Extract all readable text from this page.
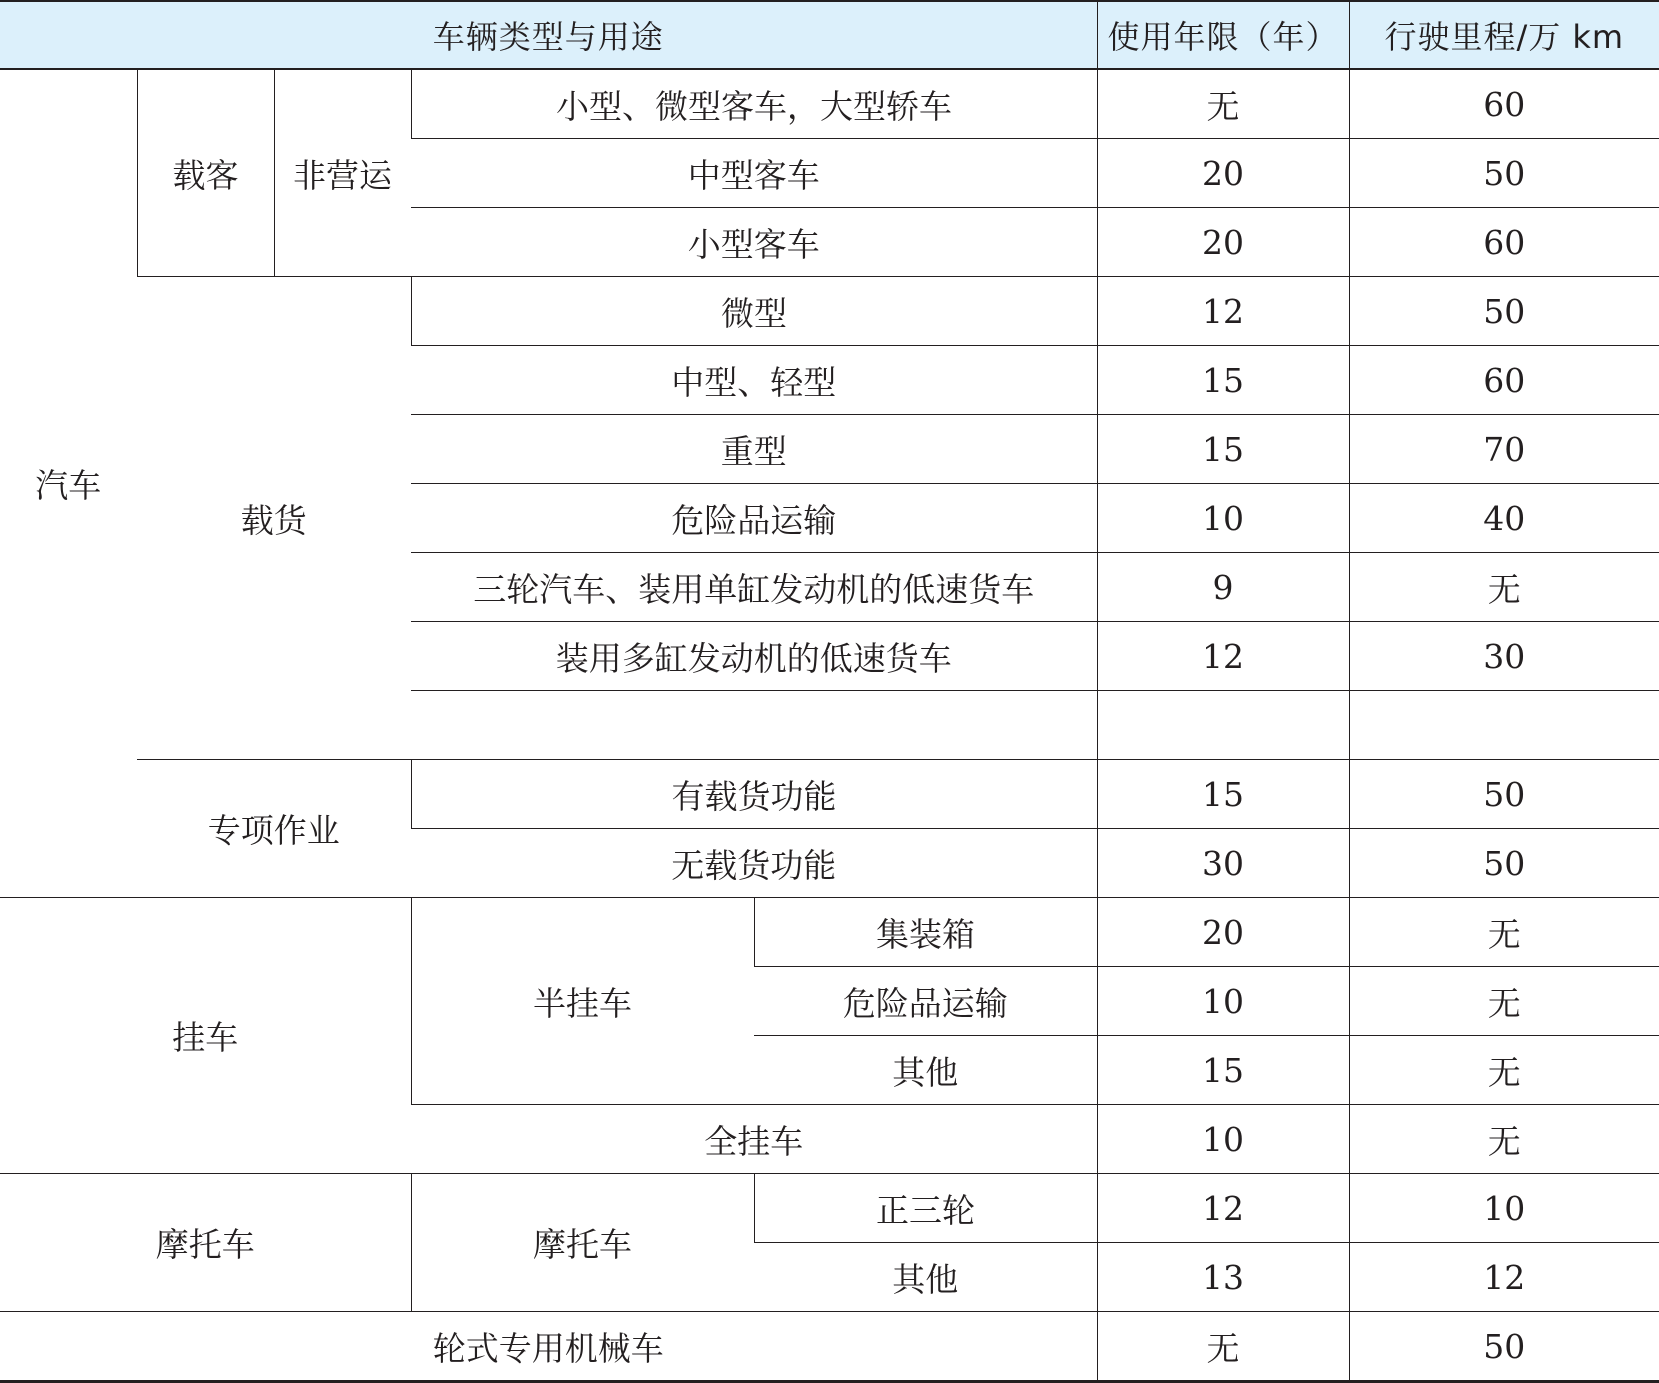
车辆类型与用途					使用年限（年）	行驶里程/万 km
汽车	载客	非营运	小型、微型客车，大型轿车		无	60
			中型客车		20	50
			小型客车		20	60
	载货		微型		12	50
			中型、轻型		15	60
			重型		15	70
			危险品运输		10	40
			三轮汽车、装用单缸发动机的低速货车		9	无
			装用多缸发动机的低速货车		12	30

	专项作业		有载货功能		15	50
			无载货功能		30	50
挂车			半挂车	集装箱	20	无
				危险品运输	10	无
				其他	15	无
			全挂车		10	无
摩托车			摩托车	正三轮	12	10
				其他	13	12
轮式专用机械车					无	50
